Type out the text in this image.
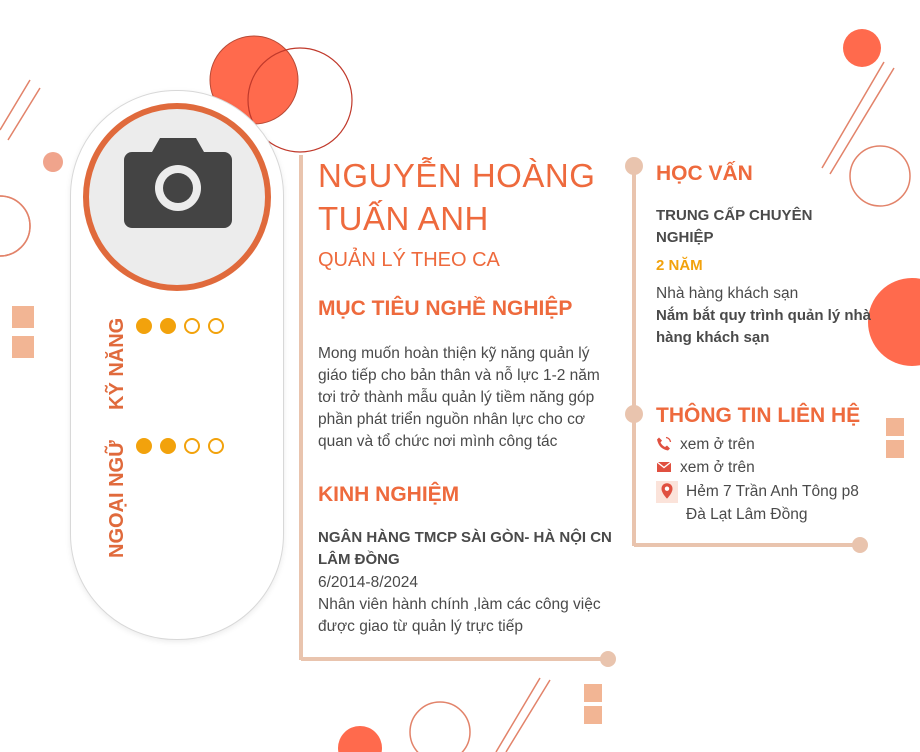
KỸ NĂNG
NGOẠI NGỮ
NGUYỄN HOÀNG
TUẤN ANH
QUẢN LÝ THEO CA
MỤC TIÊU NGHỀ NGHIỆP
Mong muốn hoàn thiện kỹ năng quản lý
giáo tiếp cho bản thân và nỗ lực 1-2 năm
tơi trở thành mẫu quản lý tiềm năng góp
phần phát triển nguồn nhân lực cho cơ
quan và tổ chức nơi mình công tác
KINH NGHIỆM
NGÂN HÀNG TMCP SÀI GÒN- HÀ NỘI CN
LÂM ĐỒNG
6/2014-8/2024
Nhân viên hành chính ,làm các công việc
được giao từ quản lý trực tiếp
HỌC VẤN
TRUNG CẤP CHUYÊN
NGHIỆP
2 NĂM
Nhà hàng khách sạn
Nắm bắt quy trình quản lý nhà
hàng khách sạn
THÔNG TIN LIÊN HỆ
xem ở trên
xem ở trên
Hẻm 7 Trần Anh Tông p8
Đà Lạt Lâm Đồng
